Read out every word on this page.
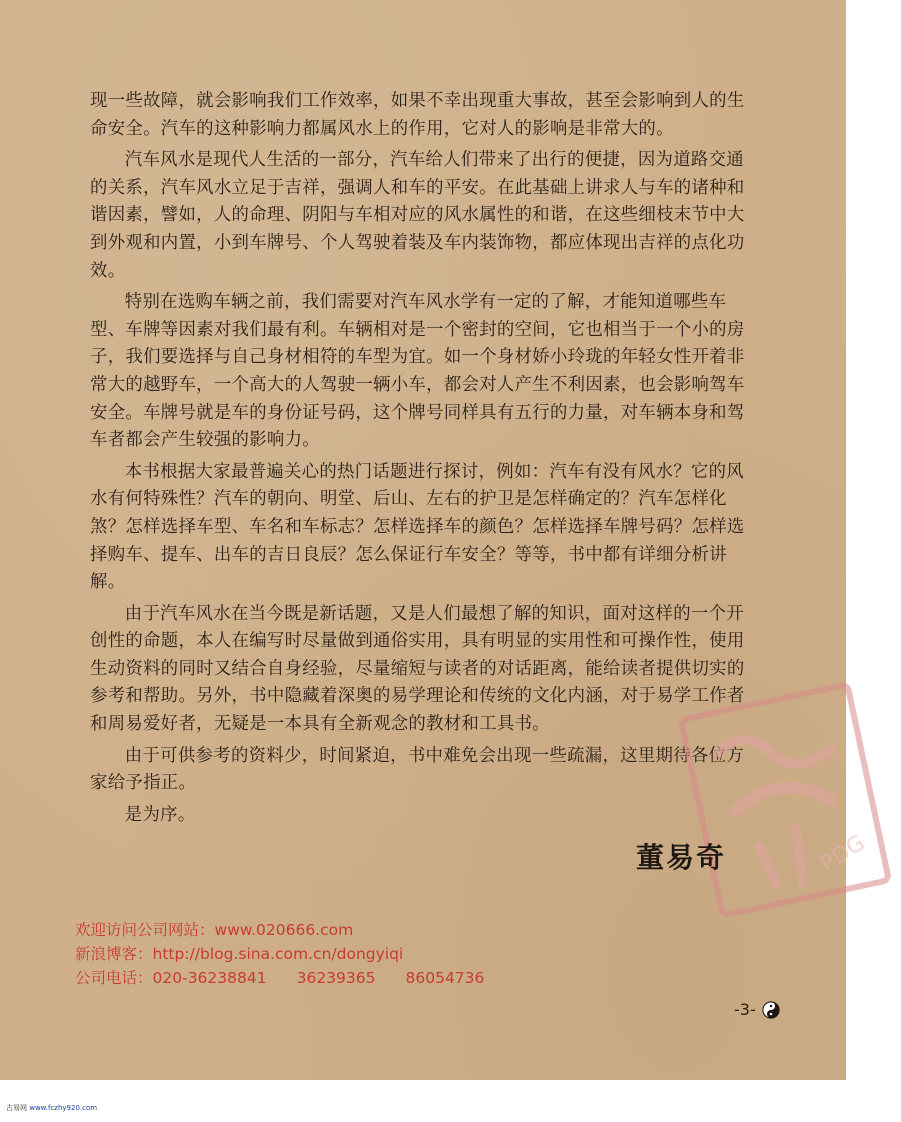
现一些故障，就会影响我们工作效率，如果不幸出现重大事故，甚至会影响到人的生命安全。汽车的这种影响力都属风水上的作用，它对人的影响是非常大的。

汽车风水是现代人生活的一部分，汽车给人们带来了出行的便捷，因为道路交通的关系，汽车风水立足于吉祥，强调人和车的平安。在此基础上讲求人与车的诸种和谐因素，譬如，人的命理、阴阳与车相对应的风水属性的和谐，在这些细枝末节中大到外观和内置，小到车牌号、个人驾驶着装及车内装饰物，都应体现出吉祥的点化功效。

特别在选购车辆之前，我们需要对汽车风水学有一定的了解，才能知道哪些车型、车牌等因素对我们最有利。车辆相对是一个密封的空间，它也相当于一个小的房子，我们要选择与自己身材相符的车型为宜。如一个身材娇小玲珑的年轻女性开着非常大的越野车，一个高大的人驾驶一辆小车，都会对人产生不利因素，也会影响驾车安全。车牌号就是车的身份证号码，这个牌号同样具有五行的力量，对车辆本身和驾车者都会产生较强的影响力。

本书根据大家最普遍关心的热门话题进行探讨，例如：汽车有没有风水？它的风水有何特殊性？汽车的朝向、明堂、后山、左右的护卫是怎样确定的？汽车怎样化煞？怎样选择车型、车名和车标志？怎样选择车的颜色？怎样选择车牌号码？怎样选择购车、提车、出车的吉日良辰？怎么保证行车安全？等等，书中都有详细分析讲解。

由于汽车风水在当今既是新话题，又是人们最想了解的知识，面对这样的一个开创性的命题，本人在编写时尽量做到通俗实用，具有明显的实用性和可操作性，使用生动资料的同时又结合自身经验，尽量缩短与读者的对话距离，能给读者提供切实的参考和帮助。另外，书中隐藏着深奥的易学理论和传统的文化内涵，对于易学工作者和周易爱好者，无疑是一本具有全新观念的教材和工具书。

由于可供参考的资料少，时间紧迫，书中难免会出现一些疏漏，这里期待各位方家给予指正。

是为序。

PDG
董易奇
欢迎访问公司网站：www.020666.com
新浪博客：http://blog.sina.com.cn/dongyiqi
公司电话：020-36238841 36239365 86054736
-3-
古易网 www.fczhy920.com
